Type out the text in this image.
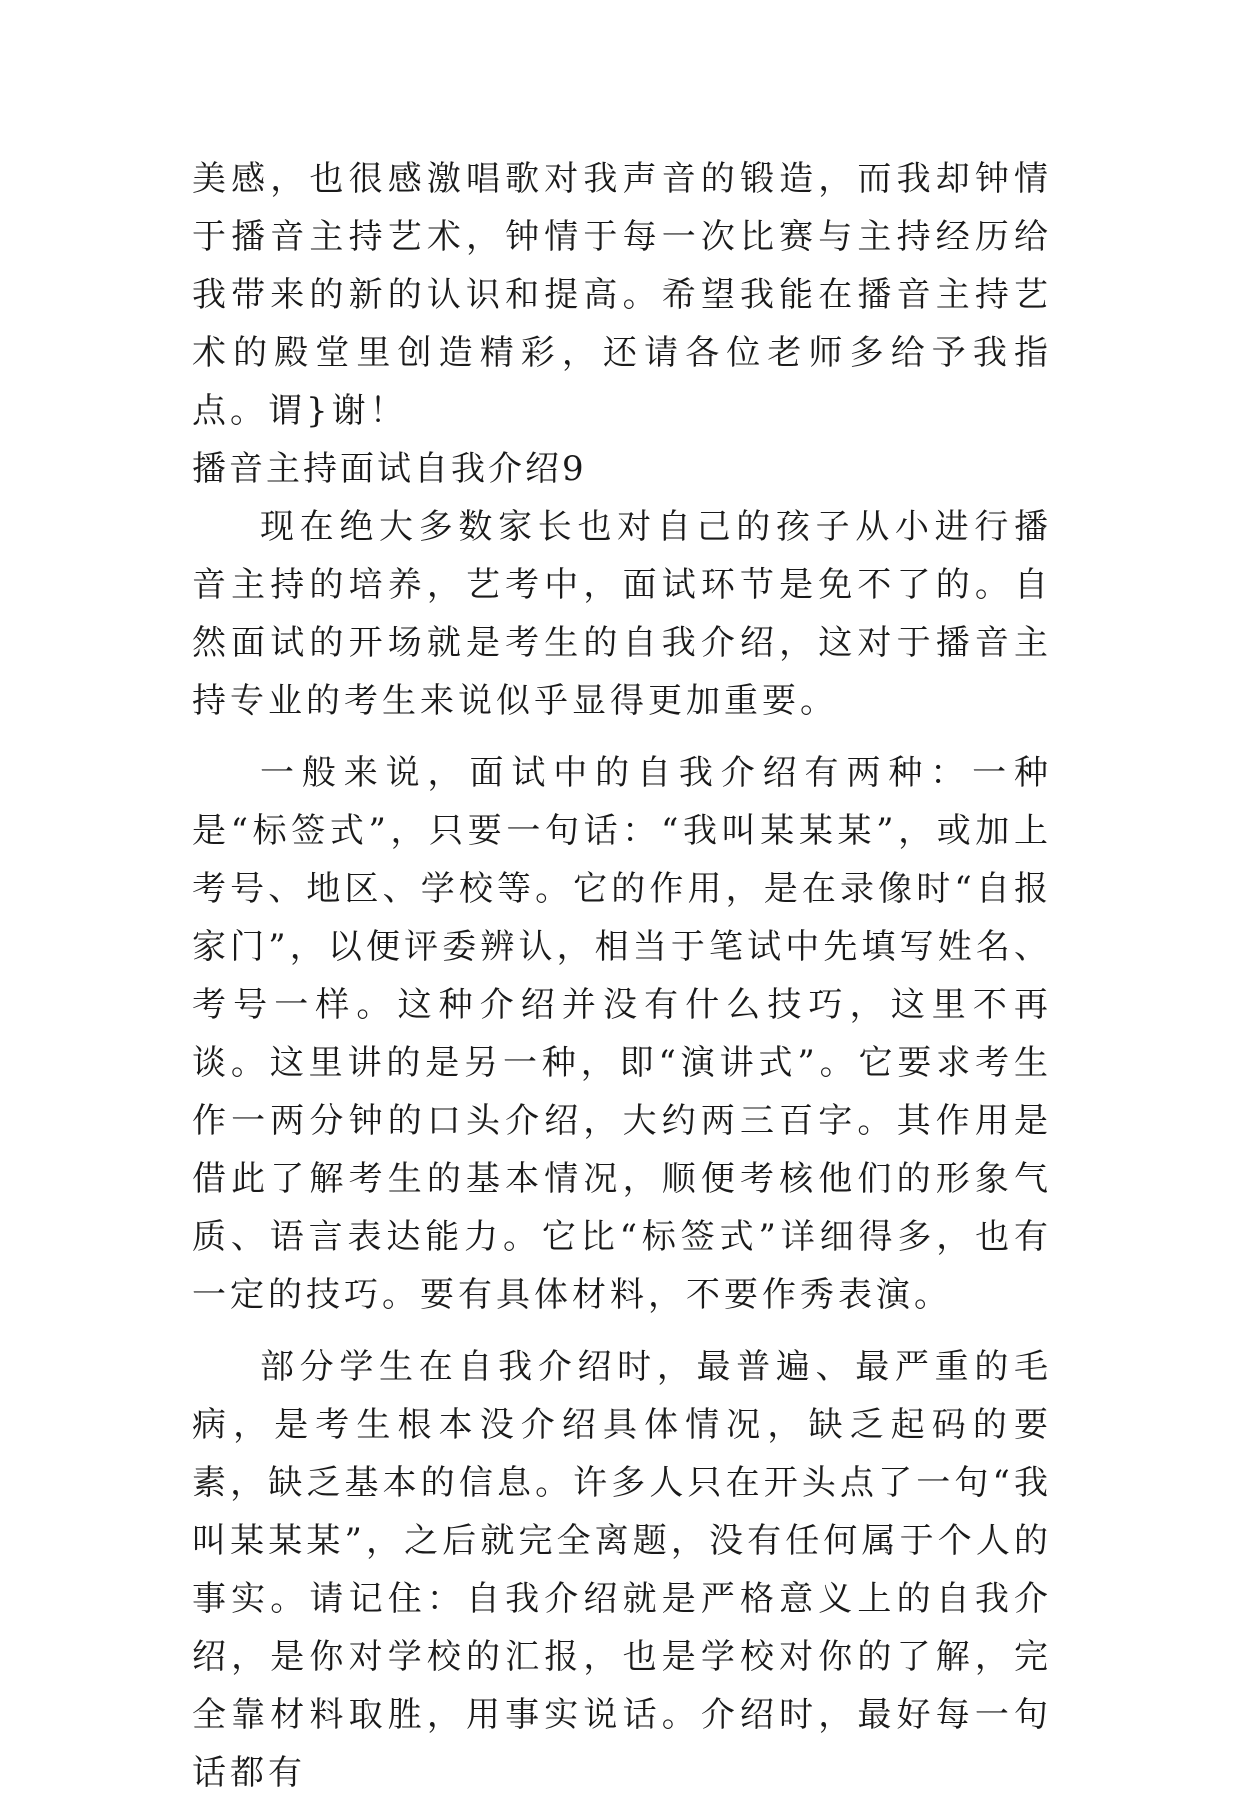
美感，也很感激唱歌对我声音的锻造，而我却钟情于播音主持艺术，钟情于每一次比赛与主持经历给我带来的新的认识和提高。希望我能在播音主持艺术的殿堂里创造精彩，还请各位老师多给予我指点。谓}谢！

播音主持面试自我介绍9

现在绝大多数家长也对自己的孩子从小进行播音主持的培养，艺考中，面试环节是免不了的。自然面试的开场就是考生的自我介绍，这对于播音主持专业的考生来说似乎显得更加重要。

一般来说，面试中的自我介绍有两种：一种是“标签式”，只要一句话：“我叫某某某”，或加上考号、地区、学校等。它的作用，是在录像时“自报家门”，以便评委辨认，相当于笔试中先填写姓名、考号一样。这种介绍并没有什么技巧，这里不再谈。这里讲的是另一种，即“演讲式”。它要求考生作一两分钟的口头介绍，大约两三百字。其作用是借此了解考生的基本情况，顺便考核他们的形象气质、语言表达能力。它比“标签式”详细得多，也有一定的技巧。要有具体材料，不要作秀表演。

部分学生在自我介绍时，最普遍、最严重的毛病，是考生根本没介绍具体情况，缺乏起码的要素，缺乏基本的信息。许多人只在开头点了一句“我叫某某某”，之后就完全离题，没有任何属于个人的事实。请记住：自我介绍就是严格意义上的自我介绍，是你对学校的汇报，也是学校对你的了解，完全靠材料取胜，用事实说话。介绍时，最好每一句话都有
